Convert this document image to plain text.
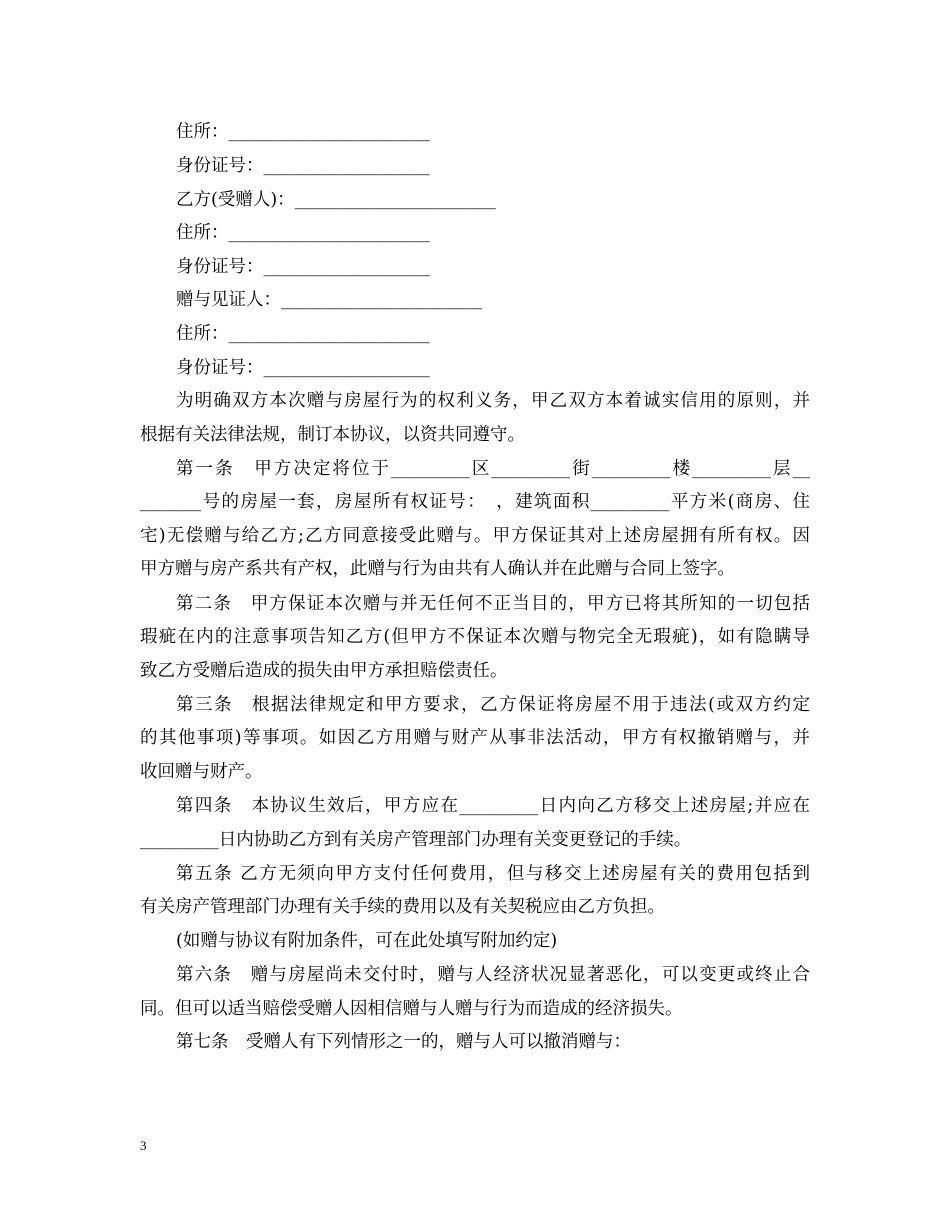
住所：_______________________
身份证号：___________________
乙方(受赠人)：_______________________
住所：_______________________
身份证号：___________________
赠与见证人：_______________________
住所：_______________________
身份证号：___________________
为明确双方本次赠与房屋行为的权利义务，甲乙双方本着诚实信用的原则，并
根据有关法律法规，制订本协议，以资共同遵守。
第一条　甲方决定将位于_________区_________街_________楼_________层__
_______号的房屋一套，房屋所有权证号：　，建筑面积_________平方米(商房、住
宅)无偿赠与给乙方;乙方同意接受此赠与。甲方保证其对上述房屋拥有所有权。因
甲方赠与房产系共有产权，此赠与行为由共有人确认并在此赠与合同上签字。
第二条　甲方保证本次赠与并无任何不正当目的，甲方已将其所知的一切包括
瑕疵在内的注意事项告知乙方(但甲方不保证本次赠与物完全无瑕疵)，如有隐瞒导
致乙方受赠后造成的损失由甲方承担赔偿责任。
第三条　根据法律规定和甲方要求，乙方保证将房屋不用于违法(或双方约定
的其他事项)等事项。如因乙方用赠与财产从事非法活动，甲方有权撤销赠与，并
收回赠与财产。
第四条　本协议生效后，甲方应在_________日内向乙方移交上述房屋;并应在
_________日内协助乙方到有关房产管理部门办理有关变更登记的手续。
第五条 乙方无须向甲方支付任何费用，但与移交上述房屋有关的费用包括到
有关房产管理部门办理有关手续的费用以及有关契税应由乙方负担。
(如赠与协议有附加条件，可在此处填写附加约定)
第六条　赠与房屋尚未交付时，赠与人经济状况显著恶化，可以变更或终止合
同。但可以适当赔偿受赠人因相信赠与人赠与行为而造成的经济损失。
第七条　受赠人有下列情形之一的，赠与人可以撤消赠与：
3
